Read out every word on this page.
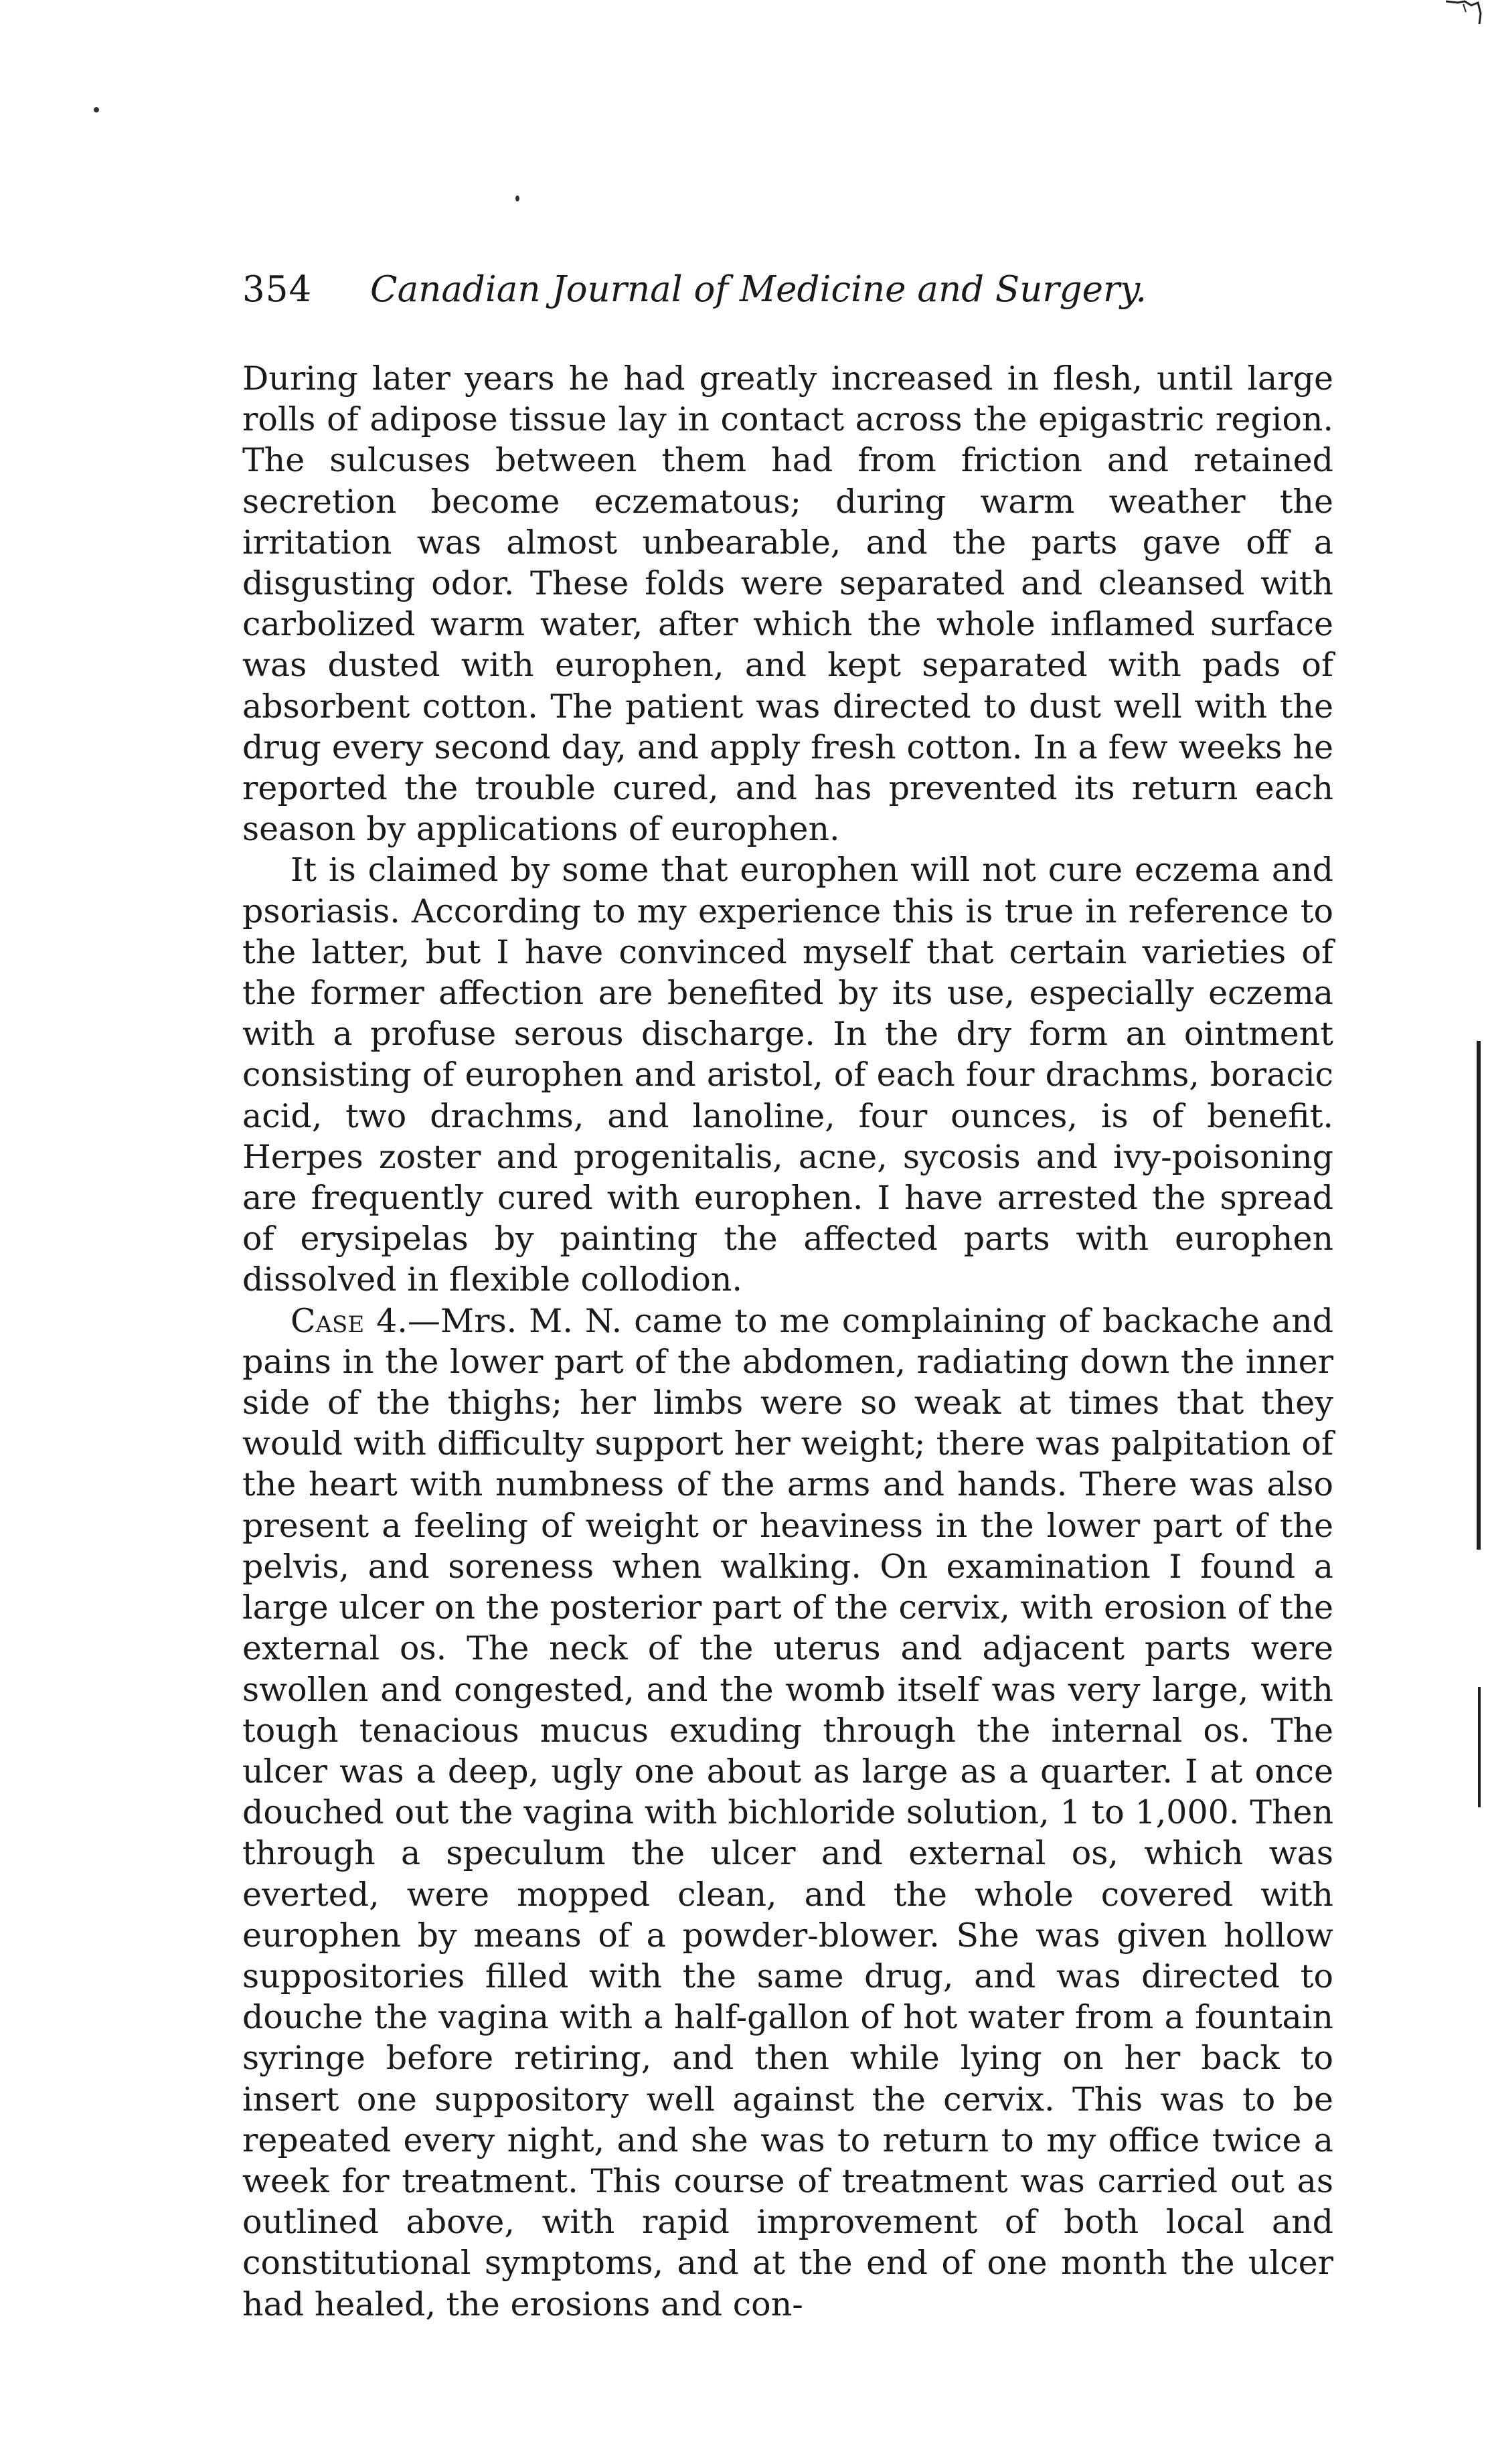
354 Canadian Journal of Medicine and Surgery.

During later years he had greatly increased in flesh, until large rolls of adipose tissue lay in contact across the epigastric region. The sulcuses between them had from friction and retained secretion become eczematous; during warm weather the irritation was almost unbearable, and the parts gave off a disgusting odor. These folds were separated and cleansed with carbolized warm water, after which the whole inflamed surface was dusted with europhen, and kept separated with pads of absorbent cotton. The patient was directed to dust well with the drug every second day, and apply fresh cotton. In a few weeks he reported the trouble cured, and has prevented its return each season by applications of europhen.

It is claimed by some that europhen will not cure eczema and psoriasis. According to my experience this is true in reference to the latter, but I have convinced myself that certain varieties of the former affection are benefited by its use, especially eczema with a profuse serous discharge. In the dry form an ointment consisting of europhen and aristol, of each four drachms, boracic acid, two drachms, and lanoline, four ounces, is of benefit. Herpes zoster and progenitalis, acne, sycosis and ivy-poisoning are frequently cured with europhen. I have arrested the spread of erysipelas by painting the affected parts with europhen dissolved in flexible collodion.

Case 4.—Mrs. M. N. came to me complaining of backache and pains in the lower part of the abdomen, radiating down the inner side of the thighs; her limbs were so weak at times that they would with difficulty support her weight; there was palpitation of the heart with numbness of the arms and hands. There was also present a feeling of weight or heaviness in the lower part of the pelvis, and soreness when walking. On examination I found a large ulcer on the posterior part of the cervix, with erosion of the external os. The neck of the uterus and adjacent parts were swollen and congested, and the womb itself was very large, with tough tenacious mucus exuding through the internal os. The ulcer was a deep, ugly one about as large as a quarter. I at once douched out the vagina with bichloride solution, 1 to 1,000. Then through a speculum the ulcer and external os, which was everted, were mopped clean, and the whole covered with europhen by means of a powder-blower. She was given hollow suppositories filled with the same drug, and was directed to douche the vagina with a half-gallon of hot water from a fountain syringe before retiring, and then while lying on her back to insert one suppository well against the cervix. This was to be repeated every night, and she was to return to my office twice a week for treatment. This course of treatment was carried out as outlined above, with rapid improvement of both local and constitutional symptoms, and at the end of one month the ulcer had healed, the erosions and con-
